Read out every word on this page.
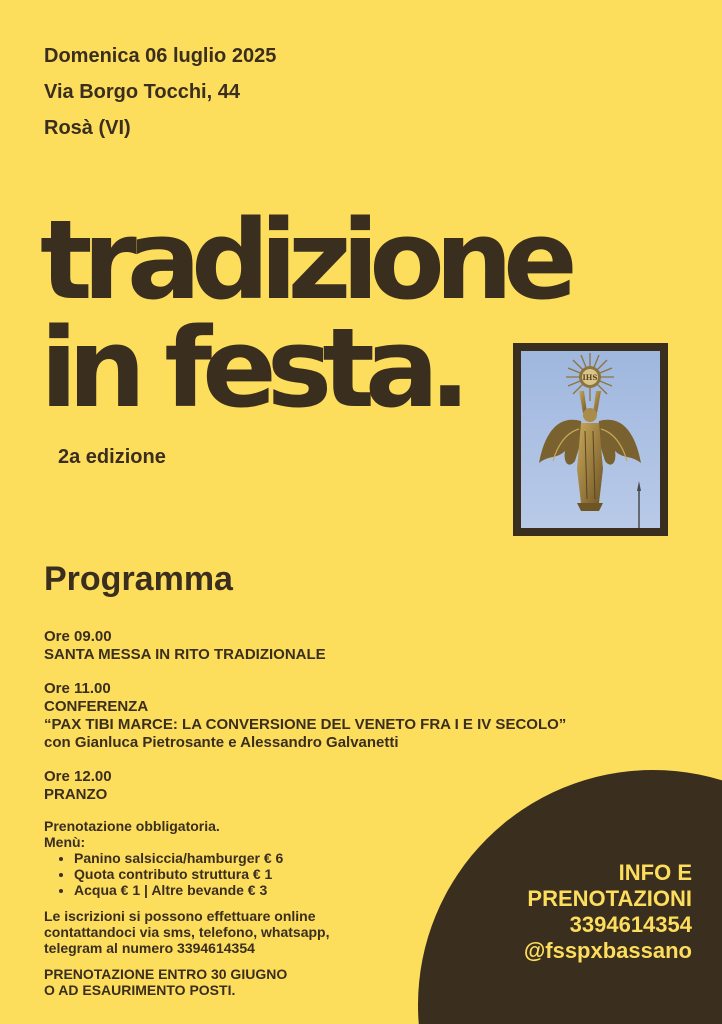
Domenica 06 luglio 2025

Via Borgo Tocchi, 44

Rosà (VI)

tradizione
in festa.
2a edizione
IHS
Programma

Ore 09.00

SANTA MESSA IN RITO TRADIZIONALE

Ore 11.00

CONFERENZA

“PAX TIBI MARCE: LA CONVERSIONE DEL VENETO FRA I E IV SECOLO”

con Gianluca Pietrosante e Alessandro Galvanetti

Ore 12.00

PRANZO

Prenotazione obbligatoria.

Menù:

• Panino salsiccia/hamburger € 6
• Quota contributo struttura € 1
• Acqua € 1 | Altre bevande € 3

Le iscrizioni si possono effettuare online

contattandoci via sms, telefono, whatsapp,

telegram al numero 3394614354

PRENOTAZIONE ENTRO 30 GIUGNO

O AD ESAURIMENTO POSTI.

INFO E

PRENOTAZIONI

3394614354

@fsspxbassano
